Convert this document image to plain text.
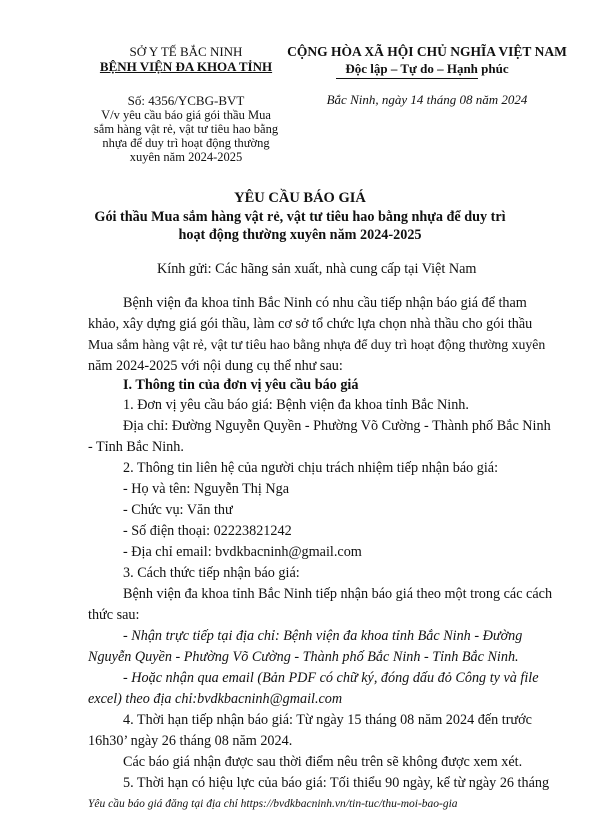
SỞ Y TẾ BẮC NINH
BỆNH VIỆN ĐA KHOA TỈNH
Số: 4356/YCBG-BVT
V/v yêu cầu báo giá gói thầu Mua
sắm hàng vật rẻ, vật tư tiêu hao bằng
nhựa để duy trì hoạt động thường
xuyên năm 2024-2025
CỘNG HÒA XÃ HỘI CHỦ NGHĨA VIỆT NAM
Độc lập – Tự do – Hạnh phúc
Bắc Ninh, ngày 14 tháng 08 năm 2024
YÊU CẦU BÁO GIÁ
Gói thầu Mua sắm hàng vật rẻ, vật tư tiêu hao bằng nhựa để duy trì
hoạt động thường xuyên năm 2024-2025
Kính gửi: Các hãng sản xuất, nhà cung cấp tại Việt Nam
Bệnh viện đa khoa tỉnh Bắc Ninh có nhu cầu tiếp nhận báo giá để tham
khảo, xây dựng giá gói thầu, làm cơ sở tổ chức lựa chọn nhà thầu cho gói thầu
Mua sắm hàng vật rẻ, vật tư tiêu hao bằng nhựa để duy trì hoạt động thường xuyên
năm 2024-2025 với nội dung cụ thể như sau:
I. Thông tin của đơn vị yêu cầu báo giá
1. Đơn vị yêu cầu báo giá: Bệnh viện đa khoa tỉnh Bắc Ninh.
Địa chỉ: Đường Nguyễn Quyền - Phường Võ Cường - Thành phố Bắc Ninh
- Tỉnh Bắc Ninh.
2. Thông tin liên hệ của người chịu trách nhiệm tiếp nhận báo giá:
- Họ và tên: Nguyễn Thị Nga
- Chức vụ: Văn thư
- Số điện thoại: 02223821242
- Địa chỉ email: bvdkbacninh@gmail.com
3. Cách thức tiếp nhận báo giá:
Bệnh viện đa khoa tỉnh Bắc Ninh tiếp nhận báo giá theo một trong các cách
thức sau:
- Nhận trực tiếp tại địa chỉ: Bệnh viện đa khoa tỉnh Bắc Ninh - Đường
Nguyễn Quyền - Phường Võ Cường - Thành phố Bắc Ninh - Tỉnh Bắc Ninh.
- Hoặc nhận qua email (Bản PDF có chữ ký, đóng dấu đỏ Công ty và file
excel) theo địa chỉ:bvdkbacninh@gmail.com
4. Thời hạn tiếp nhận báo giá: Từ ngày 15 tháng 08 năm 2024 đến trước
16h30’ ngày 26 tháng 08 năm 2024.
Các báo giá nhận được sau thời điểm nêu trên sẽ không được xem xét.
5. Thời hạn có hiệu lực của báo giá: Tối thiểu 90 ngày, kể từ ngày 26 tháng
Yêu cầu báo giá đăng tại địa chỉ https://bvdkbacninh.vn/tin-tuc/thu-moi-bao-gia
